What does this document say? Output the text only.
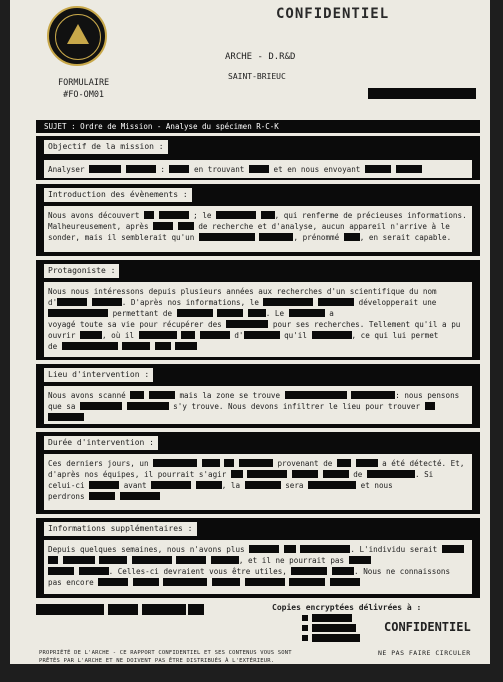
CONFIDENTIEL
ARCHE - D.R&D
SAINT-BRIEUC
FORMULAIRE
#FO-OM01
SUJET : Ordre de Mission - Analyse du spécimen R-C-K
Objectif de la mission :
Analyser	:	en trouvant	et en nous envoyant
Introduction des évènements :
Nous avons découvert	; le	, qui renferme de précieuses informations.
Malheureusement, après	de recherche et d'analyse, aucun appareil n'arrive à le
sonder, mais il semblerait qu'un	, prénommé	, en serait capable.
Protagoniste :
Nous nous intéressons depuis plusieurs années aux recherches d'un scientifique du nom
d'	. D'après nos informations, le	développerait une
permettant de	. Le	a
voyagé toute sa vie pour récupérer des	pour ses recherches. Tellement qu'il a pu
ouvrir	, où il	d'	qu'il	, ce qui lui permet
de
Lieu d'intervention :
Nous avons scanné	mais la zone se trouve	: nous pensons
que sa	s'y trouve. Nous devons infiltrer le lieu pour trouver

Durée d'intervention :
Ces derniers jours, un	provenant de	a été détecté. Et,
d'après nos équipes, il pourrait s'agir	de	. Si
celui-ci	avant	, la	sera	et nous
perdrons
Informations supplémentaires :
Depuis quelques semaines, nous n'avons plus	. L'individu serait
, et il ne pourrait pas
. Celles-ci devraient vous être utiles,	. Nous ne connaissons
pas encore
Copies encryptées délivrées à :
CONFIDENTIEL
PROPRIÉTÉ DE L'ARCHE - CE RAPPORT CONFIDENTIEL ET SES CONTENUS VOUS SONT
PRÊTÉS PAR L'ARCHE ET NE DOIVENT PAS ÊTRE DISTRIBUÉS À L'EXTÉRIEUR.
NE PAS FAIRE CIRCULER
